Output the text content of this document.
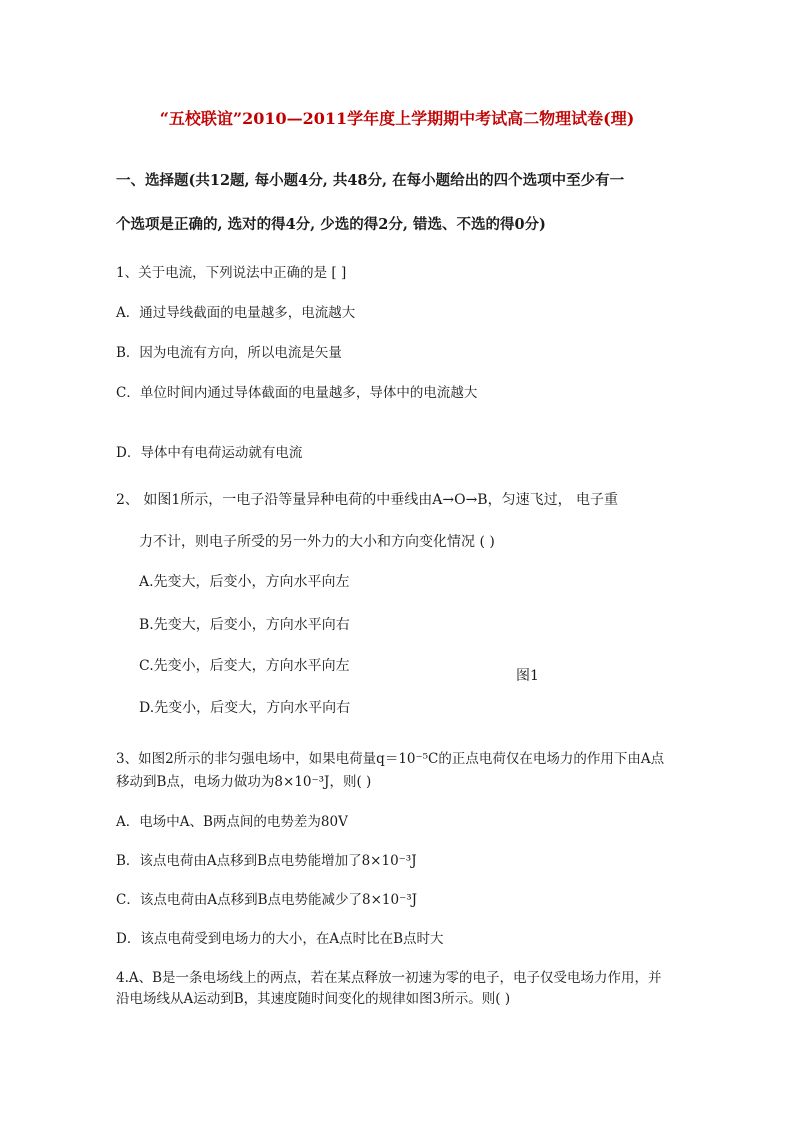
“五校联谊”2010—2011学年度上学期期中考试高二物理试卷(理)
一、选择题(共12题, 每小题4分, 共48分, 在每小题给出的四个选项中至少有一
个选项是正确的, 选对的得4分, 少选的得2分, 错选、不选的得0分)
1、关于电流，下列说法中正确的是 [ ]
A．通过导线截面的电量越多，电流越大
B．因为电流有方向，所以电流是矢量
C．单位时间内通过导体截面的电量越多，导体中的电流越大
D．导体中有电荷运动就有电流
2、 如图1所示，一电子沿等量异种电荷的中垂线由A→O→B，匀速飞过， 电子重
力不计，则电子所受的另一外力的大小和方向变化情况 ( )
A.先变大，后变小，方向水平向左
B.先变大，后变小，方向水平向右
C.先变小，后变大，方向水平向左
图1
D.先变小，后变大，方向水平向右
3、如图2所示的非匀强电场中，如果电荷量q＝10⁻⁵C的正点电荷仅在电场力的作用下由A点
移动到B点，电场力做功为8×10⁻³J，则( )
A．电场中A、B两点间的电势差为80V
B．该点电荷由A点移到B点电势能增加了8×10⁻³J
C．该点电荷由A点移到B点电势能减少了8×10⁻³J
D．该点电荷受到电场力的大小，在A点时比在B点时大
4.A、B是一条电场线上的两点，若在某点释放一初速为零的电子，电子仅受电场力作用，并
沿电场线从A运动到B，其速度随时间变化的规律如图3所示。则( )
